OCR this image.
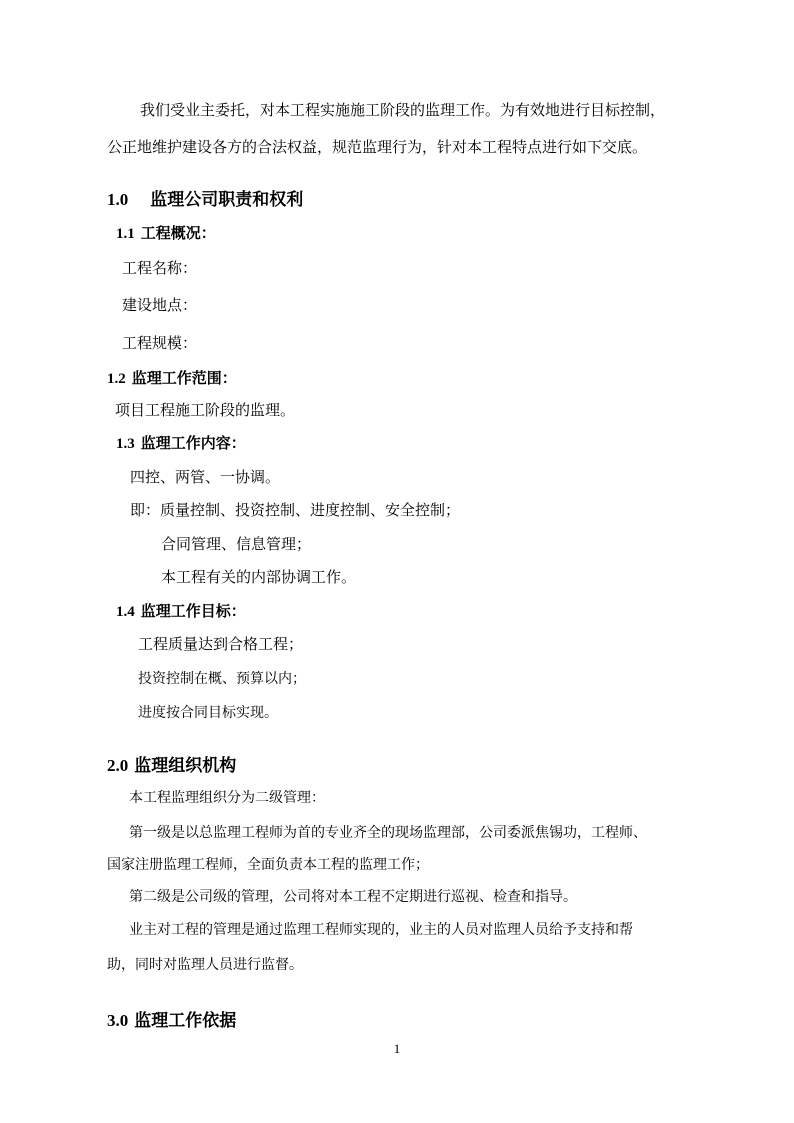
我们受业主委托，对本工程实施施工阶段的监理工作。为有效地进行目标控制，
公正地维护建设各方的合法权益，规范监理行为，针对本工程特点进行如下交底。
1.0 监理公司职责和权利
1.1 工程概况：
工程名称：
建设地点：
工程规模：
1.2 监理工作范围：
项目工程施工阶段的监理。
1.3 监理工作内容：
四控、两管、一协调。
即：质量控制、投资控制、进度控制、安全控制；
合同管理、信息管理；
本工程有关的内部协调工作。
1.4 监理工作目标：
工程质量达到合格工程；
投资控制在概、预算以内；
进度按合同目标实现。
2.0 监理组织机构
本工程监理组织分为二级管理：
第一级是以总监理工程师为首的专业齐全的现场监理部，公司委派焦锡功，工程师、
国家注册监理工程师，全面负责本工程的监理工作；
第二级是公司级的管理，公司将对本工程不定期进行巡视、检查和指导。
业主对工程的管理是通过监理工程师实现的，业主的人员对监理人员给予支持和帮
助，同时对监理人员进行监督。
3.0 监理工作依据
1
